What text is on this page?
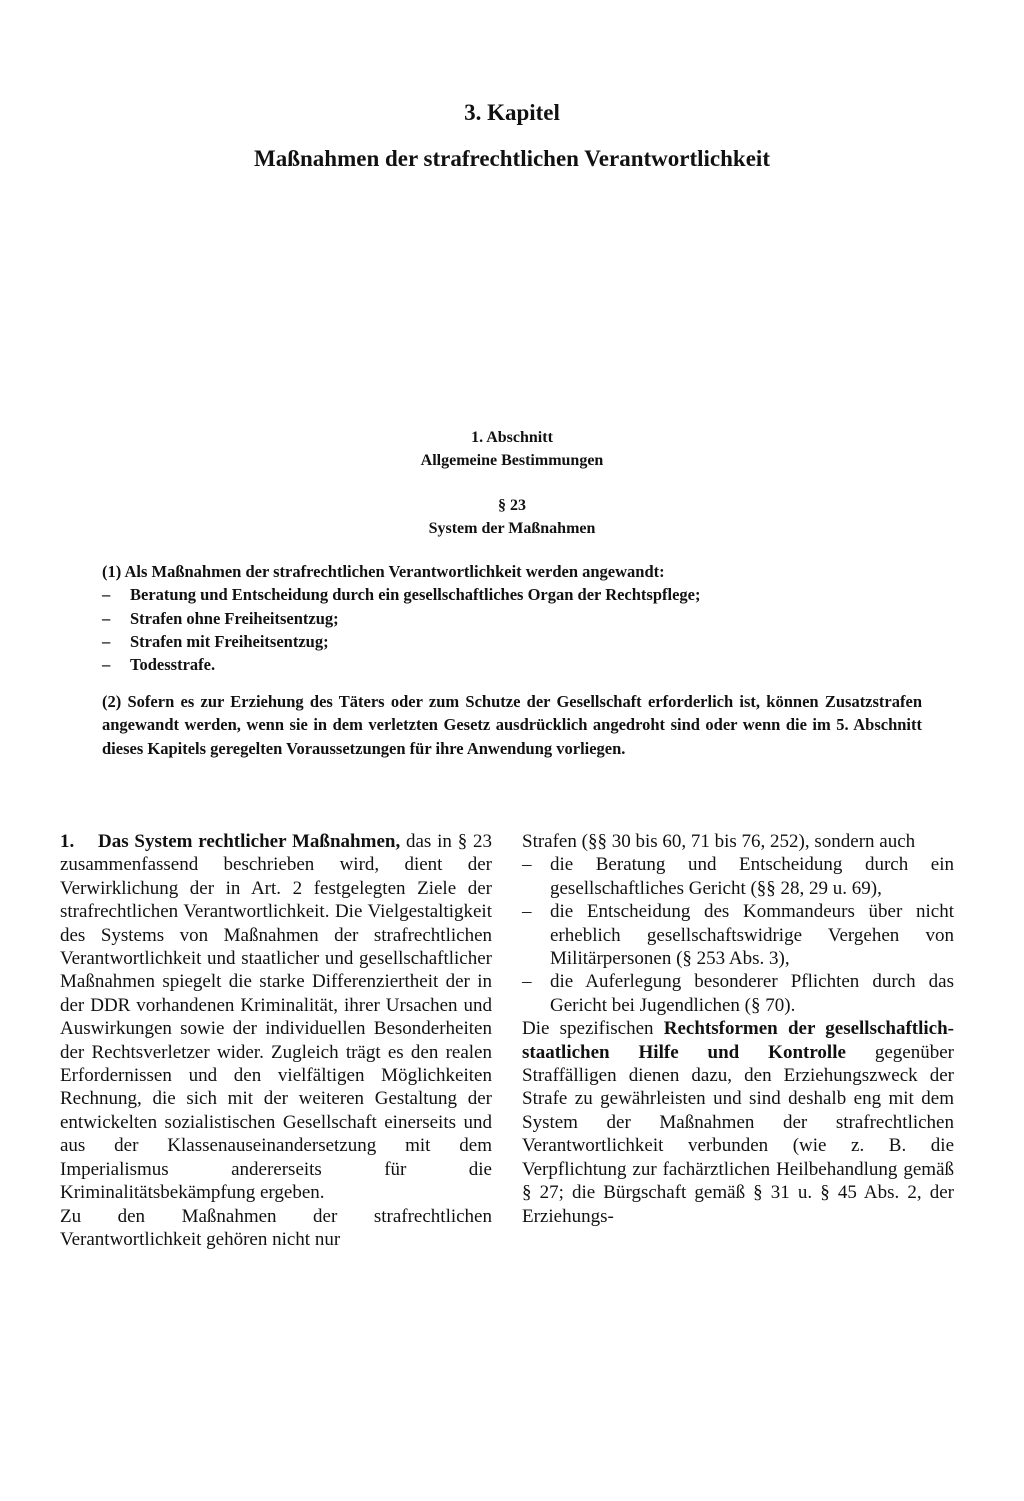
3. Kapitel
Maßnahmen der strafrechtlichen Verantwortlichkeit
1. Abschnitt
Allgemeine Bestimmungen
§ 23
System der Maßnahmen
(1) Als Maßnahmen der strafrechtlichen Verantwortlichkeit werden angewandt:
–	Beratung und Entscheidung durch ein gesellschaftliches Organ der Rechtspflege;
–	Strafen ohne Freiheitsentzug;
–	Strafen mit Freiheitsentzug;
–	Todesstrafe.
(2) Sofern es zur Erziehung des Täters oder zum Schutze der Gesellschaft erforderlich ist, können Zusatzstrafen angewandt werden, wenn sie in dem verletzten Gesetz ausdrücklich angedroht sind oder wenn die im 5. Abschnitt dieses Kapitels geregelten Voraussetzungen für ihre Anwendung vorliegen.

1. Das System rechtlicher Maßnahmen, das in § 23 zusammenfassend beschrieben wird, dient der Verwirklichung der in Art. 2 festgelegten Ziele der strafrechtlichen Verantwortlichkeit. Die Vielgestaltigkeit des Systems von Maßnahmen der strafrechtlichen Verantwortlichkeit und staatlicher und gesellschaftlicher Maßnahmen spiegelt die starke Differenziertheit der in der DDR vorhandenen Kriminalität, ihrer Ursachen und Auswirkungen sowie der individuellen Besonderheiten der Rechtsverletzer wider. Zugleich trägt es den realen Erfordernissen und den vielfältigen Möglichkeiten Rechnung, die sich mit der weiteren Gestaltung der entwickelten sozialistischen Gesellschaft einerseits und aus der Klassenauseinandersetzung mit dem Imperialismus andererseits für die Kriminalitätsbekämpfung ergeben.

Zu den Maßnahmen der strafrechtlichen Verantwortlichkeit gehören nicht nur

Strafen (§§ 30 bis 60, 71 bis 76, 252), sondern auch

– die Beratung und Entscheidung durch ein gesellschaftliches Gericht (§§ 28, 29 u. 69),
– die Entscheidung des Kommandeurs über nicht erheblich gesellschaftswidrige Vergehen von Militärpersonen (§ 253 Abs. 3),
– die Auferlegung besonderer Pflichten durch das Gericht bei Jugendlichen (§ 70).

Die spezifischen Rechtsformen der gesellschaftlich-staatlichen Hilfe und Kontrolle gegenüber Straffälligen dienen dazu, den Erziehungszweck der Strafe zu gewährleisten und sind deshalb eng mit dem System der Maßnahmen der strafrechtlichen Verantwortlichkeit verbunden (wie z. B. die Verpflichtung zur fachärztlichen Heilbehandlung gemäß § 27; die Bürgschaft gemäß § 31 u. § 45 Abs. 2, der Erziehungs-
